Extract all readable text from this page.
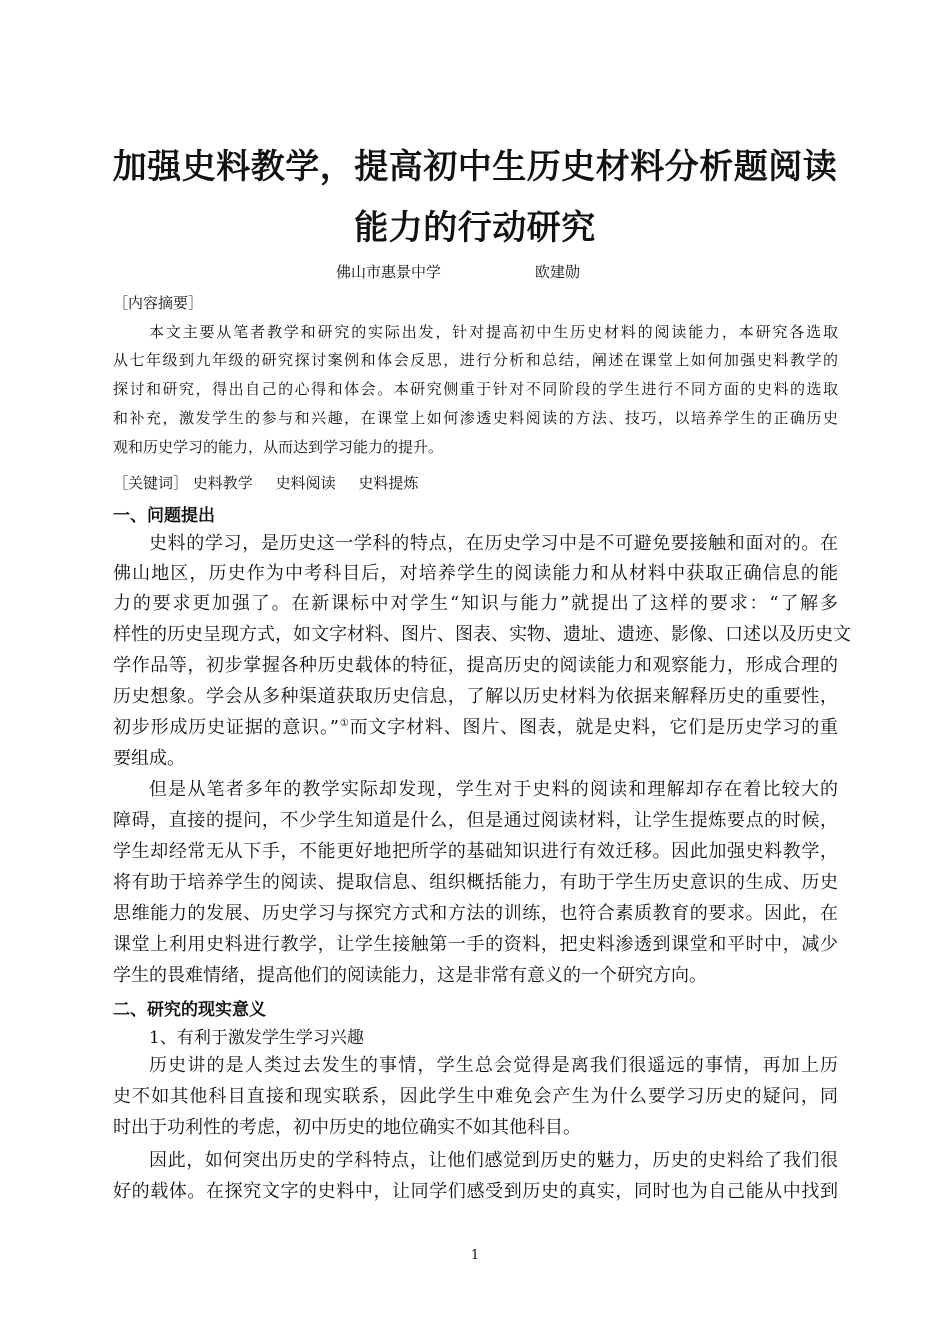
加强史料教学，提高初中生历史材料分析题阅读
能力的行动研究
佛山市惠景中学	欧建勋
［内容摘要］
本文主要从笔者教学和研究的实际出发，针对提高初中生历史材料的阅读能力，本研究各选取
从七年级到九年级的研究探讨案例和体会反思，进行分析和总结，阐述在课堂上如何加强史料教学的
探讨和研究，得出自己的心得和体会。本研究侧重于针对不同阶段的学生进行不同方面的史料的选取
和补充，激发学生的参与和兴趣，在课堂上如何渗透史料阅读的方法、技巧，以培养学生的正确历史
观和历史学习的能力，从而达到学习能力的提升。
［关键词］ 史料教学 史料阅读 史料提炼
一、问题提出
史料的学习，是历史这一学科的特点，在历史学习中是不可避免要接触和面对的。在
佛山地区，历史作为中考科目后，对培养学生的阅读能力和从材料中获取正确信息的能
力的要求更加强了。在新课标中对学生“知识与能力”就提出了这样的要求：“了解多
样性的历史呈现方式，如文字材料、图片、图表、实物、遗址、遗迹、影像、口述以及历史文
学作品等，初步掌握各种历史载体的特征，提高历史的阅读能力和观察能力，形成合理的
历史想象。学会从多种渠道获取历史信息，了解以历史材料为依据来解释历史的重要性，
初步形成历史证据的意识。”①而文字材料、图片、图表，就是史料，它们是历史学习的重
要组成。
但是从笔者多年的教学实际却发现，学生对于史料的阅读和理解却存在着比较大的
障碍，直接的提问，不少学生知道是什么，但是通过阅读材料，让学生提炼要点的时候，
学生却经常无从下手，不能更好地把所学的基础知识进行有效迁移。因此加强史料教学，
将有助于培养学生的阅读、提取信息、组织概括能力，有助于学生历史意识的生成、历史
思维能力的发展、历史学习与探究方式和方法的训练，也符合素质教育的要求。因此，在
课堂上利用史料进行教学，让学生接触第一手的资料，把史料渗透到课堂和平时中，减少
学生的畏难情绪，提高他们的阅读能力，这是非常有意义的一个研究方向。
二、研究的现实意义
1、有利于激发学生学习兴趣
历史讲的是人类过去发生的事情，学生总会觉得是离我们很遥远的事情，再加上历
史不如其他科目直接和现实联系，因此学生中难免会产生为什么要学习历史的疑问，同
时出于功利性的考虑，初中历史的地位确实不如其他科目。
因此，如何突出历史的学科特点，让他们感觉到历史的魅力，历史的史料给了我们很
好的载体。在探究文字的史料中，让同学们感受到历史的真实，同时也为自己能从中找到
1
